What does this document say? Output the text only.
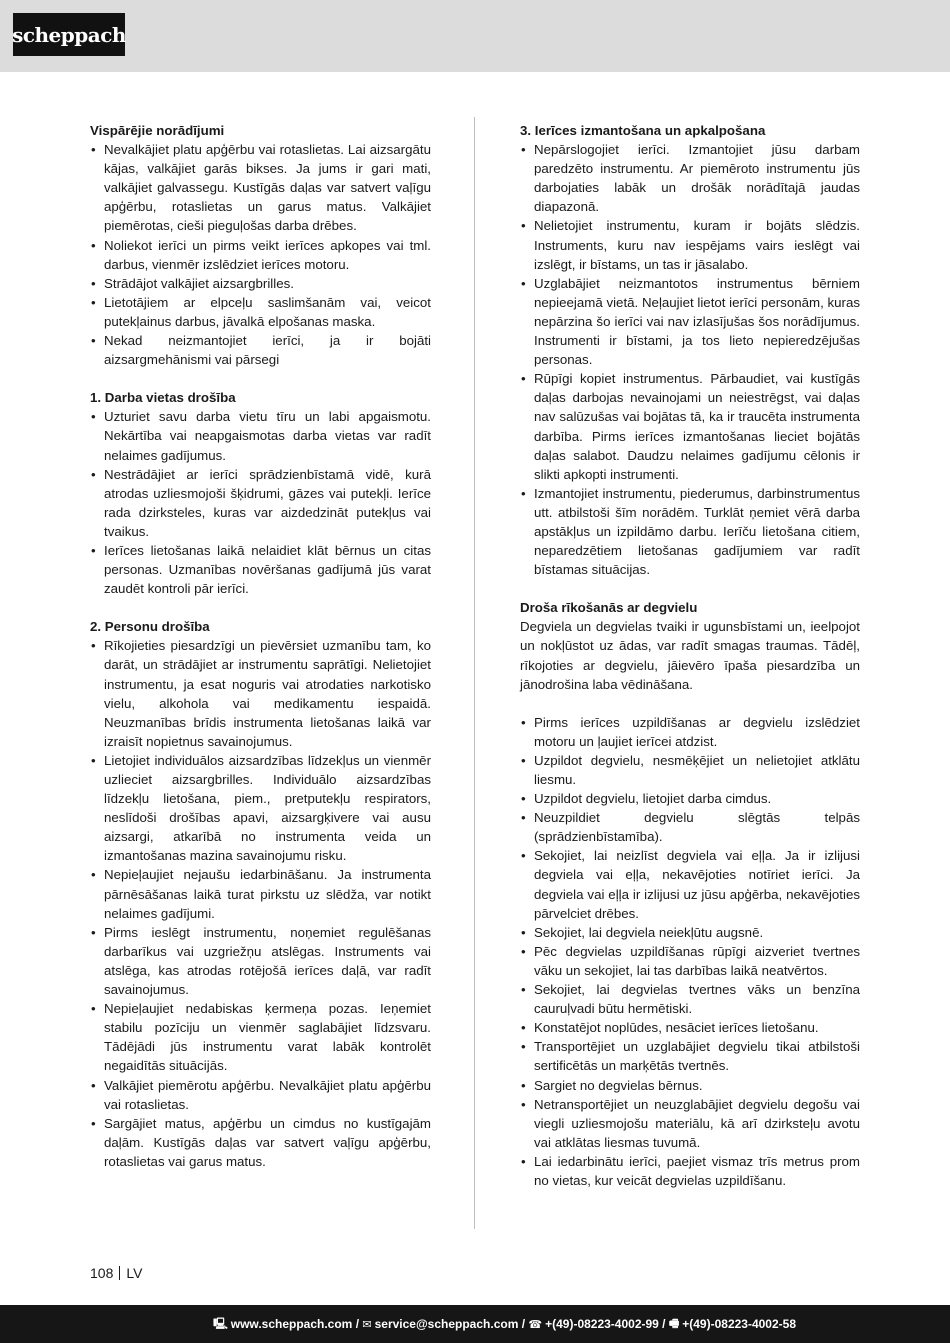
scheppach

Vispārējie norādījumi

• Nevalkājiet platu apģērbu vai rotaslietas. Lai aizsargātu kājas, valkājiet garās bikses. Ja jums ir gari mati, valkājiet galvassegu. Kustīgās daļas var satvert vaļīgu apģērbu, rotaslietas un garus matus. Valkājiet piemērotas, cieši pieguļošas darba drēbes.
• Noliekot ierīci un pirms veikt ierīces apkopes vai tml. darbus, vienmēr izslēdziet ierīces motoru.
• Strādājot valkājiet aizsargbrilles.
• Lietotājiem ar elpceļu saslimšanām vai, veicot putekļainus darbus, jāvalkā elpošanas maska.
• Nekad neizmantojiet ierīci, ja ir bojāti aizsargmehānismi vai pārsegi

1. Darba vietas drošība

• Uzturiet savu darba vietu tīru un labi apgaismotu. Nekārtība vai neapgaismotas darba vietas var radīt nelaimes gadījumus.
• Nestrādājiet ar ierīci sprādzienbīstamā vidē, kurā atrodas uzliesmojoši šķidrumi, gāzes vai putekļi. Ierīce rada dzirksteles, kuras var aizdedzināt putekļus vai tvaikus.
• Ierīces lietošanas laikā nelaidiet klāt bērnus un citas personas. Uzmanības novēršanas gadījumā jūs varat zaudēt kontroli pār ierīci.

2. Personu drošība

• Rīkojieties piesardzīgi un pievērsiet uzmanību tam, ko darāt, un strādājiet ar instrumentu saprātīgi. Nelietojiet instrumentu, ja esat noguris vai atrodaties narkotisko vielu, alkohola vai medikamentu iespaidā. Neuzmanības brīdis instrumenta lietošanas laikā var izraisīt nopietnus savainojumus.
• Lietojiet individuālos aizsardzības līdzekļus un vienmēr uzlieciet aizsargbrilles. Individuālo aizsardzības līdzekļu lietošana, piem., pretputekļu respirators, neslīdoši drošības apavi, aizsargķivere vai ausu aizsargi, atkarībā no instrumenta veida un izmantošanas mazina savainojumu risku.
• Nepieļaujiet nejaušu iedarbināšanu. Ja instrumenta pārnēsāšanas laikā turat pirkstu uz slēdža, var notikt nelaimes gadījumi.
• Pirms ieslēgt instrumentu, noņemiet regulēšanas darbarīkus vai uzgriežņu atslēgas. Instruments vai atslēga, kas atrodas rotējošā ierīces daļā, var radīt savainojumus.
• Nepieļaujiet nedabiskas ķermeņa pozas. Ieņemiet stabilu pozīciju un vienmēr saglabājiet līdzsvaru. Tādējādi jūs instrumentu varat labāk kontrolēt negaidītās situācijās.
• Valkājiet piemērotu apģērbu. Nevalkājiet platu apģērbu vai rotaslietas.
• Sargājiet matus, apģērbu un cimdus no kustīgajām daļām. Kustīgās daļas var satvert vaļīgu apģērbu, rotaslietas vai garus matus.

3. Ierīces izmantošana un apkalpošana

• Nepārslogojiet ierīci. Izmantojiet jūsu darbam paredzēto instrumentu. Ar piemēroto instrumentu jūs darbojaties labāk un drošāk norādītajā jaudas diapazonā.
• Nelietojiet instrumentu, kuram ir bojāts slēdzis. Instruments, kuru nav iespējams vairs ieslēgt vai izslēgt, ir bīstams, un tas ir jāsalabo.
• Uzglabājiet neizmantotos instrumentus bērniem nepieejamā vietā. Neļaujiet lietot ierīci personām, kuras nepārzina šo ierīci vai nav izlasījušas šos norādījumus. Instrumenti ir bīstami, ja tos lieto nepieredzējušas personas.
• Rūpīgi kopiet instrumentus. Pārbaudiet, vai kustīgās daļas darbojas nevainojami un neiestrēgst, vai daļas nav salūzušas vai bojātas tā, ka ir traucēta instrumenta darbība. Pirms ierīces izmantošanas lieciet bojātās daļas salabot. Daudzu nelaimes gadījumu cēlonis ir slikti apkopti instrumenti.
• Izmantojiet instrumentu, piederumus, darbinstrumentus utt. atbilstoši šīm norādēm. Turklāt ņemiet vērā darba apstākļus un izpildāmo darbu. Ierīču lietošana citiem, neparedzētiem lietošanas gadījumiem var radīt bīstamas situācijas.

Droša rīkošanās ar degvielu

Degviela un degvielas tvaiki ir ugunsbīstami un, ieelpojot un nokļūstot uz ādas, var radīt smagas traumas. Tādēļ, rīkojoties ar degvielu, jāievēro īpaša piesardzība un jānodrošina laba vēdināšana.

• Pirms ierīces uzpildīšanas ar degvielu izslēdziet motoru un ļaujiet ierīcei atdzist.
• Uzpildot degvielu, nesmēķējiet un nelietojiet atklātu liesmu.
• Uzpildot degvielu, lietojiet darba cimdus.
• Neuzpildiet degvielu slēgtās telpās (sprādzienbīstamība).
• Sekojiet, lai neizlīst degviela vai eļļa. Ja ir izlijusi degviela vai eļļa, nekavējoties notīriet ierīci. Ja degviela vai eļļa ir izlijusi uz jūsu apģērba, nekavējoties pārvelciet drēbes.
• Sekojiet, lai degviela neiekļūtu augsnē.
• Pēc degvielas uzpildīšanas rūpīgi aizveriet tvertnes vāku un sekojiet, lai tas darbības laikā neatvērtos.
• Sekojiet, lai degvielas tvertnes vāks un benzīna cauruļvadi būtu hermētiski.
• Konstatējot noplūdes, nesāciet ierīces lietošanu.
• Transportējiet un uzglabājiet degvielu tikai atbilstoši sertificētās un marķētās tvertnēs.
• Sargiet no degvielas bērnus.
• Netransportējiet un neuzglabājiet degvielu degošu vai viegli uzliesmojošu materiālu, kā arī dzirksteļu avotu vai atklātas liesmas tuvumā.
• Lai iedarbinātu ierīci, paejiet vismaz trīs metrus prom no vietas, kur veicāt degvielas uzpildīšanu.
108 LV
🖳 www.scheppach.com / ✉ service@scheppach.com / ☎ +(49)-08223-4002-99 / 🖷 +(49)-08223-4002-58
